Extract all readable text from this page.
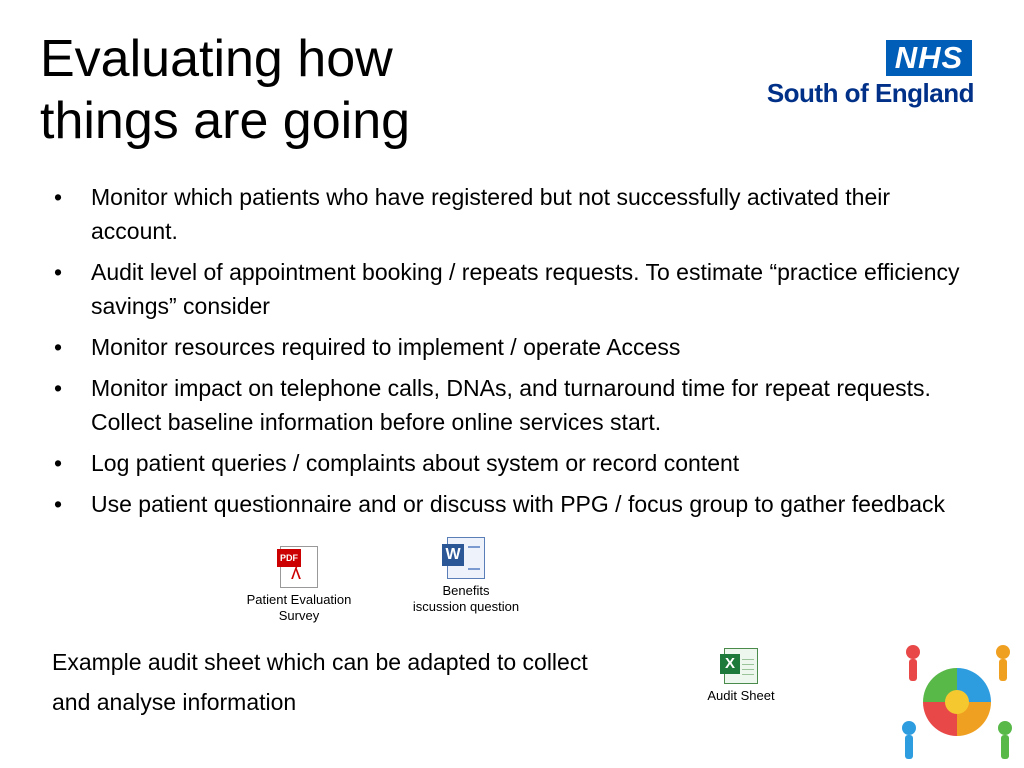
Evaluating how
things are going
NHS
South of England
• Monitor which patients who have registered but not successfully activated their account.
• Audit level of appointment booking / repeats requests. To estimate “practice efficiency savings” consider
• Monitor resources required to implement / operate Access
• Monitor impact on telephone calls, DNAs, and turnaround time for repeat requests. Collect baseline information before online services start.
• Log patient queries / complaints about system or record content
• Use patient questionnaire and or discuss with PPG / focus group to gather feedback
PDF
ʎ
Patient Evaluation
Survey
W
Benefits
iscussion question

Example audit sheet which can be adapted to collect

and analyse information

X
Audit Sheet
